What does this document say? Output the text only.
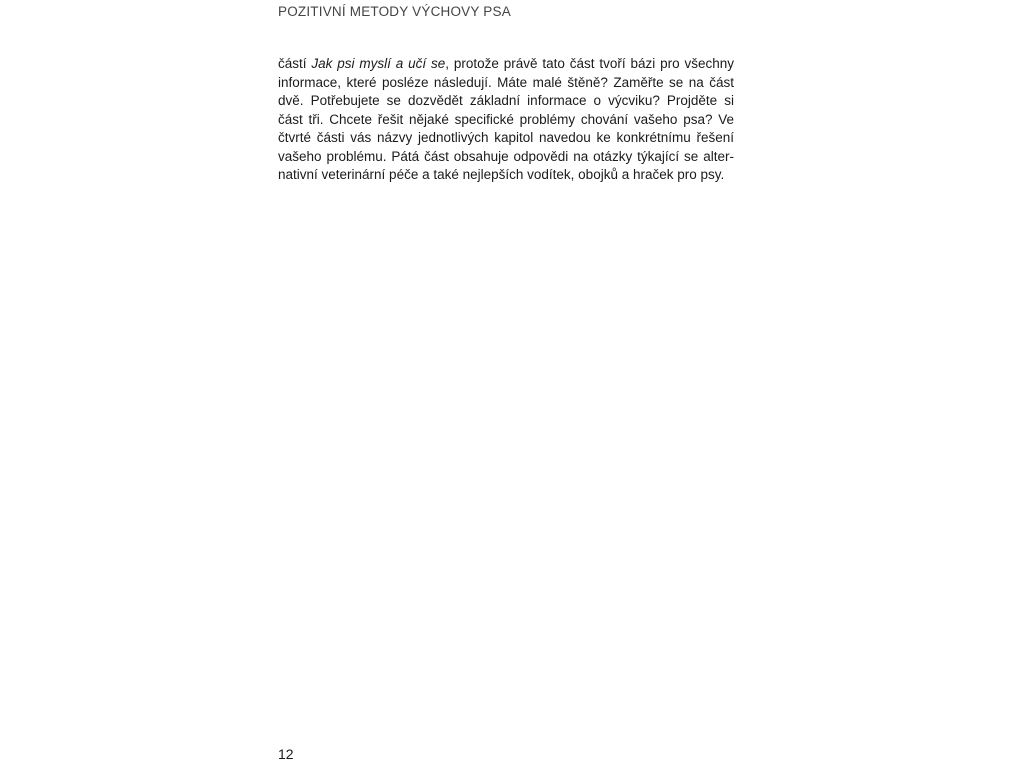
POZITIVNÍ METODY VÝCHOVY PSA

částí Jak psi myslí a učí se, protože právě tato část tvoří bázi pro všechny
informace, které posléze následují. Máte malé štěně? Zaměřte se na část
dvě. Potřebujete se dozvědět základní informace o výcviku? Projděte si
část tři. Chcete řešit nějaké specifické problémy chování vašeho psa? Ve
čtvrté části vás názvy jednotlivých kapitol navedou ke konkrétnímu řešení
vašeho problému. Pátá část obsahuje odpovědi na otázky týkající se alter-
nativní veterinární péče a také nejlepších vodítek, obojků a hraček pro psy.

12
